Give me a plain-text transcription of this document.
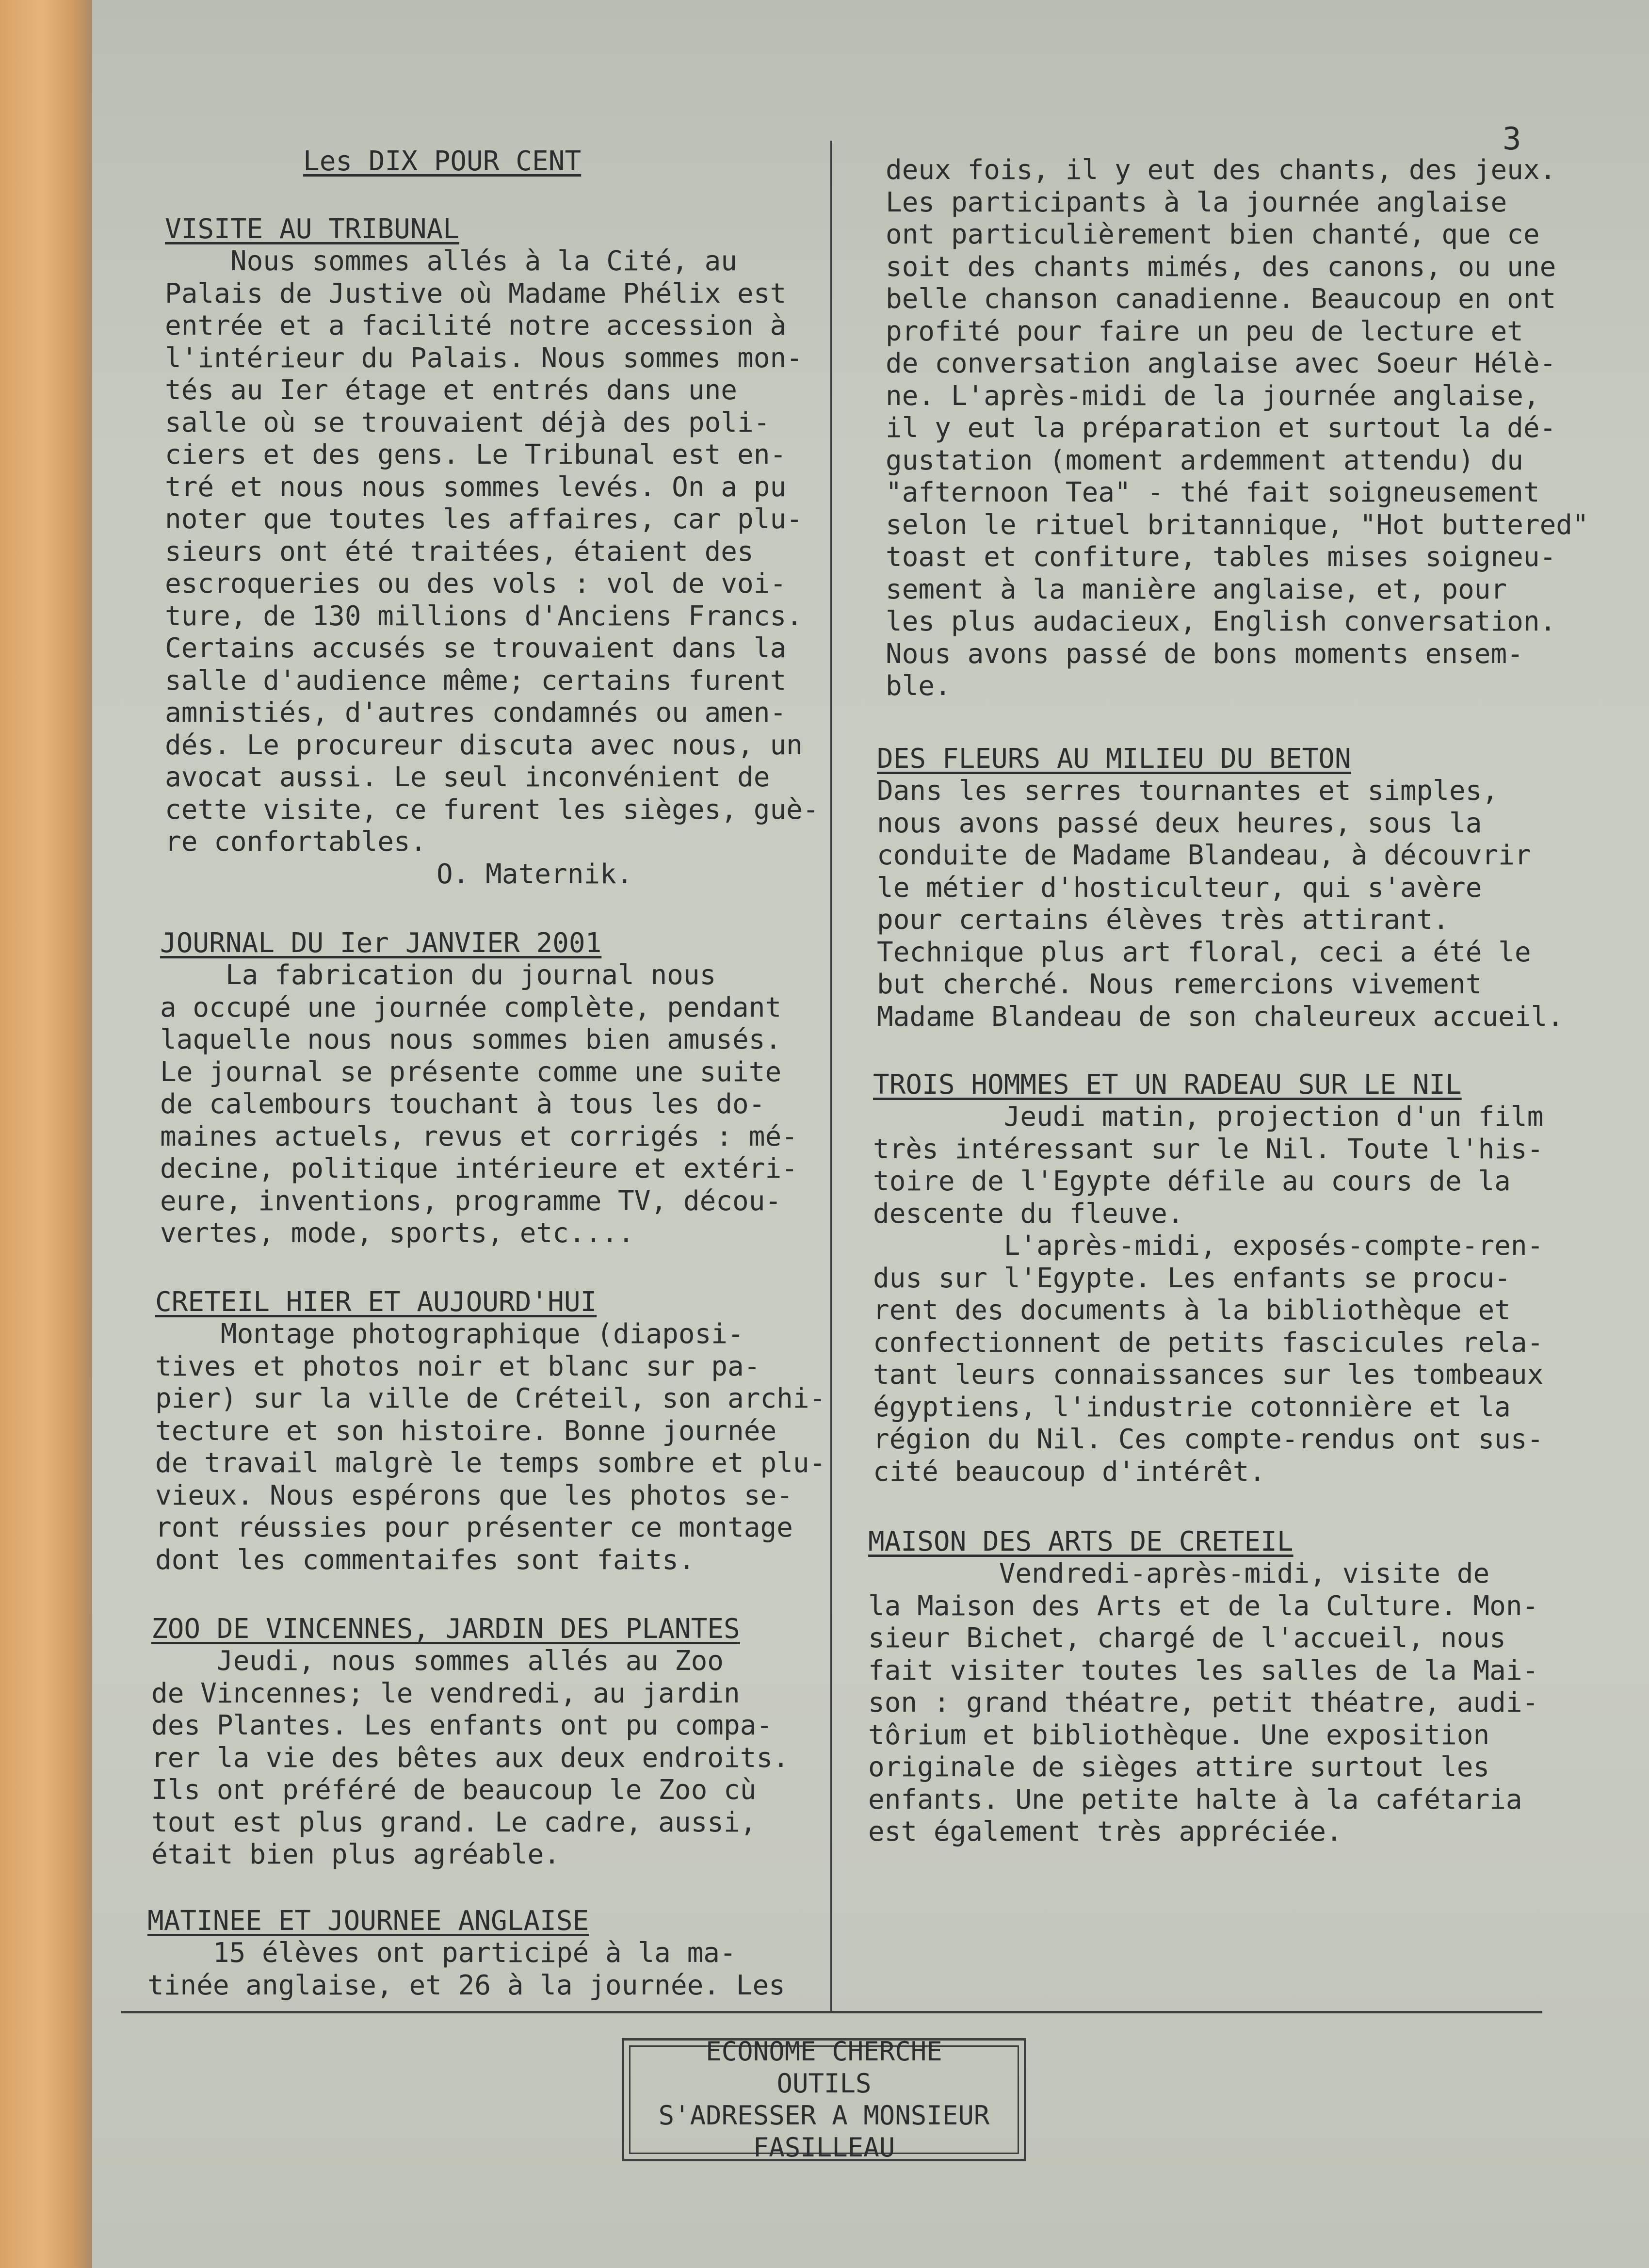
3
Les DIX POUR CENT
VISITE AU TRIBUNAL
Nous sommes allés à la Cité, au
Palais de Justive où Madame Phélix est
entrée et a facilité notre accession à
l'intérieur du Palais. Nous sommes mon-
tés au Ier étage et entrés dans une
salle où se trouvaient déjà des poli-
ciers et des gens. Le Tribunal est en-
tré et nous nous sommes levés. On a pu
noter que toutes les affaires, car plu-
sieurs ont été traitées, étaient des
escroqueries ou des vols : vol de voi-
ture, de 130 millions d'Anciens Francs.
Certains accusés se trouvaient dans la
salle d'audience même; certains furent
amnistiés, d'autres condamnés ou amen-
dés. Le procureur discuta avec nous, un
avocat aussi. Le seul inconvénient de
cette visite, ce furent les sièges, guè-
re confortables.
O. Maternik.
JOURNAL DU Ier JANVIER 2001
La fabrication du journal nous
a occupé une journée complète, pendant
laquelle nous nous sommes bien amusés.
Le journal se présente comme une suite
de calembours touchant à tous les do-
maines actuels, revus et corrigés : mé-
decine, politique intérieure et extéri-
eure, inventions, programme TV, décou-
vertes, mode, sports, etc....
CRETEIL HIER ET AUJOURD'HUI
Montage photographique (diaposi-
tives et photos noir et blanc sur pa-
pier) sur la ville de Créteil, son archi-
tecture et son histoire. Bonne journée
de travail malgrè le temps sombre et plu-
vieux. Nous espérons que les photos se-
ront réussies pour présenter ce montage
dont les commentaifes sont faits.
ZOO DE VINCENNES, JARDIN DES PLANTES
Jeudi, nous sommes allés au Zoo
de Vincennes; le vendredi, au jardin
des Plantes. Les enfants ont pu compa-
rer la vie des bêtes aux deux endroits.
Ils ont préféré de beaucoup le Zoo cù
tout est plus grand. Le cadre, aussi,
était bien plus agréable.
MATINEE ET JOURNEE ANGLAISE
15 élèves ont participé à la ma-
tinée anglaise, et 26 à la journée. Les
deux fois, il y eut des chants, des jeux.
Les participants à la journée anglaise
ont particulièrement bien chanté, que ce
soit des chants mimés, des canons, ou une
belle chanson canadienne. Beaucoup en ont
profité pour faire un peu de lecture et
de conversation anglaise avec Soeur Hélè-
ne. L'après-midi de la journée anglaise,
il y eut la préparation et surtout la dé-
gustation (moment ardemment attendu) du
"afternoon Tea" - thé fait soigneusement
selon le rituel britannique, "Hot buttered"
toast et confiture, tables mises soigneu-
sement à la manière anglaise, et, pour
les plus audacieux, English conversation.
Nous avons passé de bons moments ensem-
ble.
DES FLEURS AU MILIEU DU BETON
Dans les serres tournantes et simples,
nous avons passé deux heures, sous la
conduite de Madame Blandeau, à découvrir
le métier d'hosticulteur, qui s'avère
pour certains élèves très attirant.
Technique plus art floral, ceci a été le
but cherché. Nous remercions vivement
Madame Blandeau de son chaleureux accueil.
TROIS HOMMES ET UN RADEAU SUR LE NIL
Jeudi matin, projection d'un film
très intéressant sur le Nil. Toute l'his-
toire de l'Egypte défile au cours de la
descente du fleuve.
L'après-midi, exposés-compte-ren-
dus sur l'Egypte. Les enfants se procu-
rent des documents à la bibliothèque et
confectionnent de petits fascicules rela-
tant leurs connaissances sur les tombeaux
égyptiens, l'industrie cotonnière et la
région du Nil. Ces compte-rendus ont sus-
cité beaucoup d'intérêt.
MAISON DES ARTS DE CRETEIL
Vendredi-après-midi, visite de
la Maison des Arts et de la Culture. Mon-
sieur Bichet, chargé de l'accueil, nous
fait visiter toutes les salles de la Mai-
son : grand théatre, petit théatre, audi-
tôrium et bibliothèque. Une exposition
originale de sièges attire surtout les
enfants. Une petite halte à la cafétaria
est également très appréciée.
ECONOME CHERCHE
OUTILS
S'ADRESSER A MONSIEUR
FASILLEAU
